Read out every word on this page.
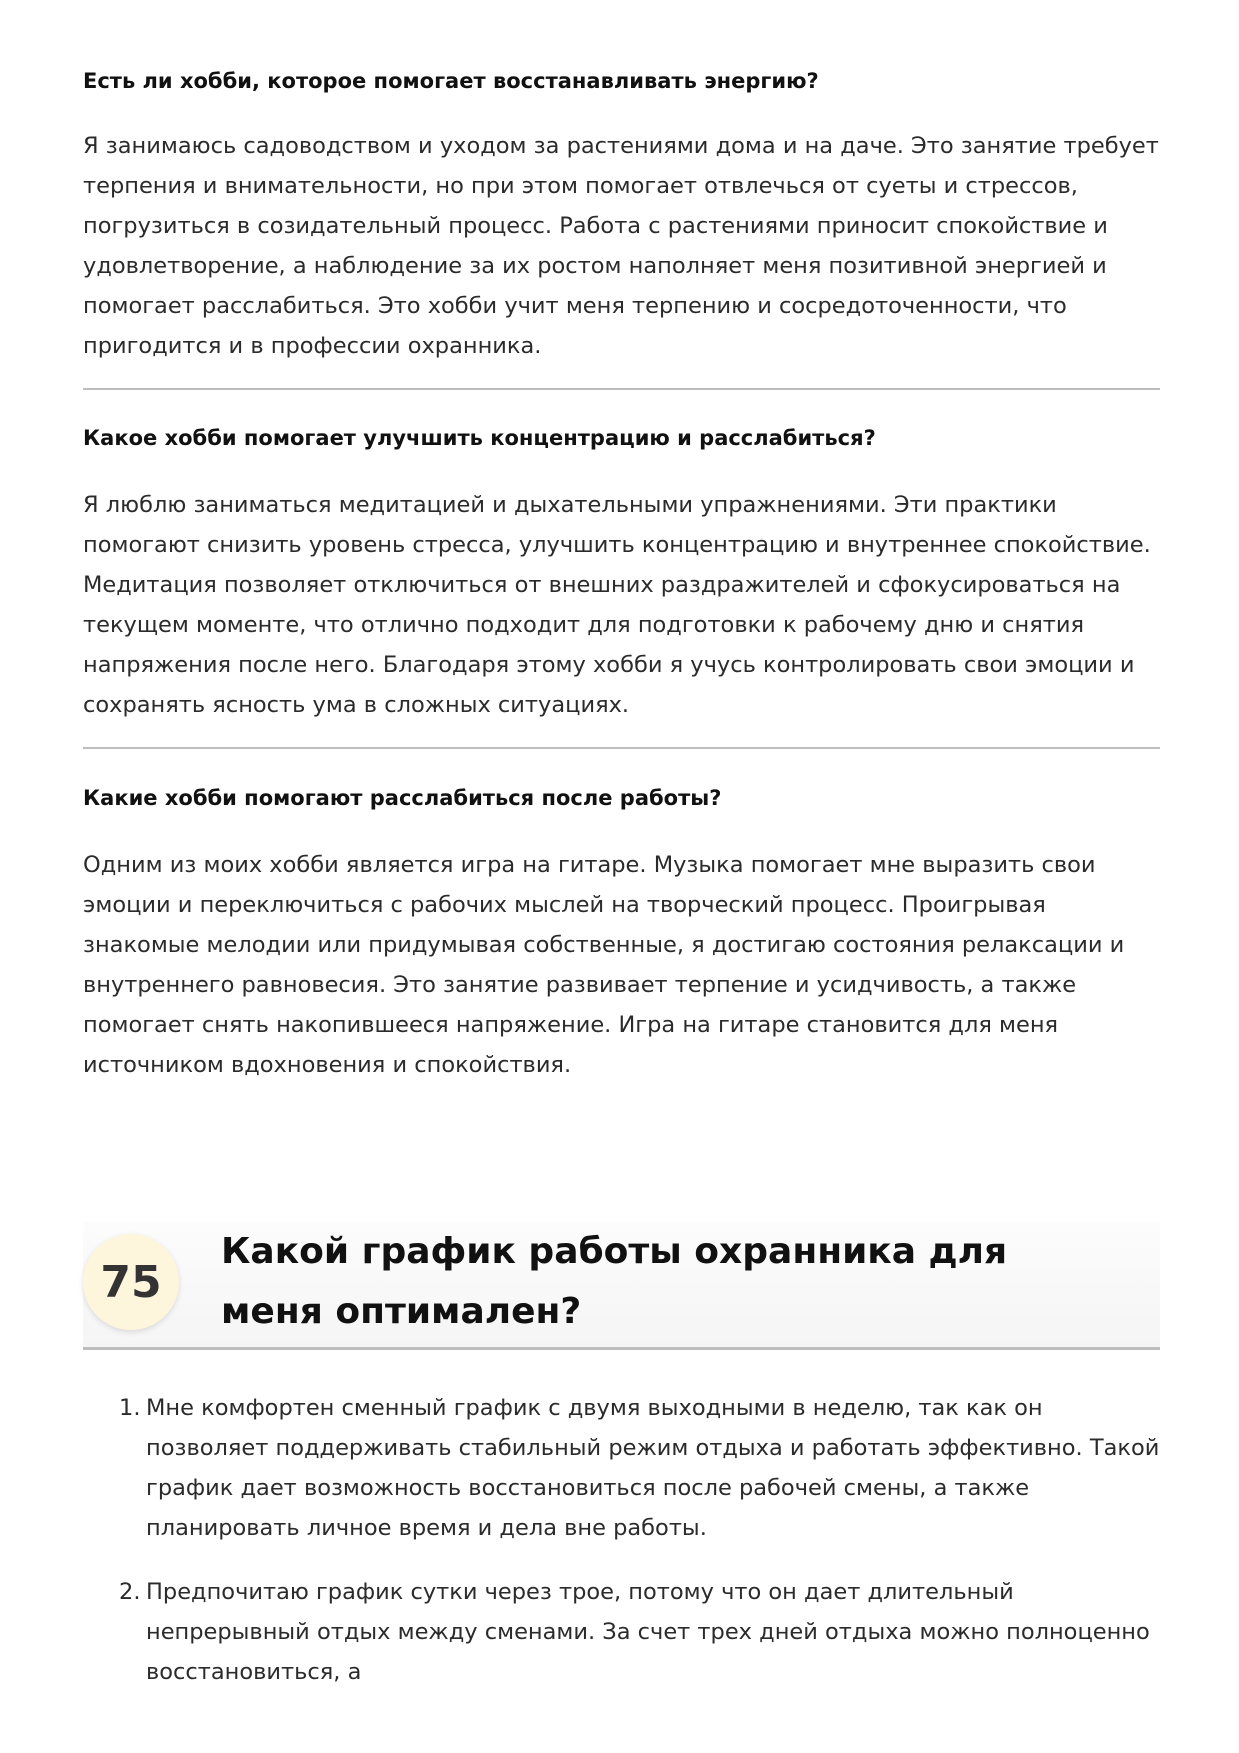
Есть ли хобби, которое помогает восстанавливать энергию?

Я занимаюсь садоводством и уходом за растениями дома и на даче. Это занятие требует терпения и внимательности, но при этом помогает отвлечься от суеты и стрессов, погрузиться в созидательный процесс. Работа с растениями приносит спокойствие и удовлетворение, а наблюдение за их ростом наполняет меня позитивной энергией и помогает расслабиться. Это хобби учит меня терпению и сосредоточенности, что пригодится и в профессии охранника.

Какое хобби помогает улучшить концентрацию и расслабиться?

Я люблю заниматься медитацией и дыхательными упражнениями. Эти практики помогают снизить уровень стресса, улучшить концентрацию и внутреннее спокойствие. Медитация позволяет отключиться от внешних раздражителей и сфокусироваться на текущем моменте, что отлично подходит для подготовки к рабочему дню и снятия напряжения после него. Благодаря этому хобби я учусь контролировать свои эмоции и сохранять ясность ума в сложных ситуациях.

Какие хобби помогают расслабиться после работы?

Одним из моих хобби является игра на гитаре. Музыка помогает мне выразить свои эмоции и переключиться с рабочих мыслей на творческий процесс. Проигрывая знакомые мелодии или придумывая собственные, я достигаю состояния релаксации и внутреннего равновесия. Это занятие развивает терпение и усидчивость, а также помогает снять накопившееся напряжение. Игра на гитаре становится для меня источником вдохновения и спокойствия.

75
Какой график работы охранника для меня оптимален?
1. Мне комфортен сменный график с двумя выходными в неделю, так как он позволяет поддерживать стабильный режим отдыха и работать эффективно. Такой график дает возможность восстановиться после рабочей смены, а также планировать личное время и дела вне работы.
2. Предпочитаю график сутки через трое, потому что он дает длительный непрерывный отдых между сменами. За счет трех дней отдыха можно полноценно восстановиться, а
